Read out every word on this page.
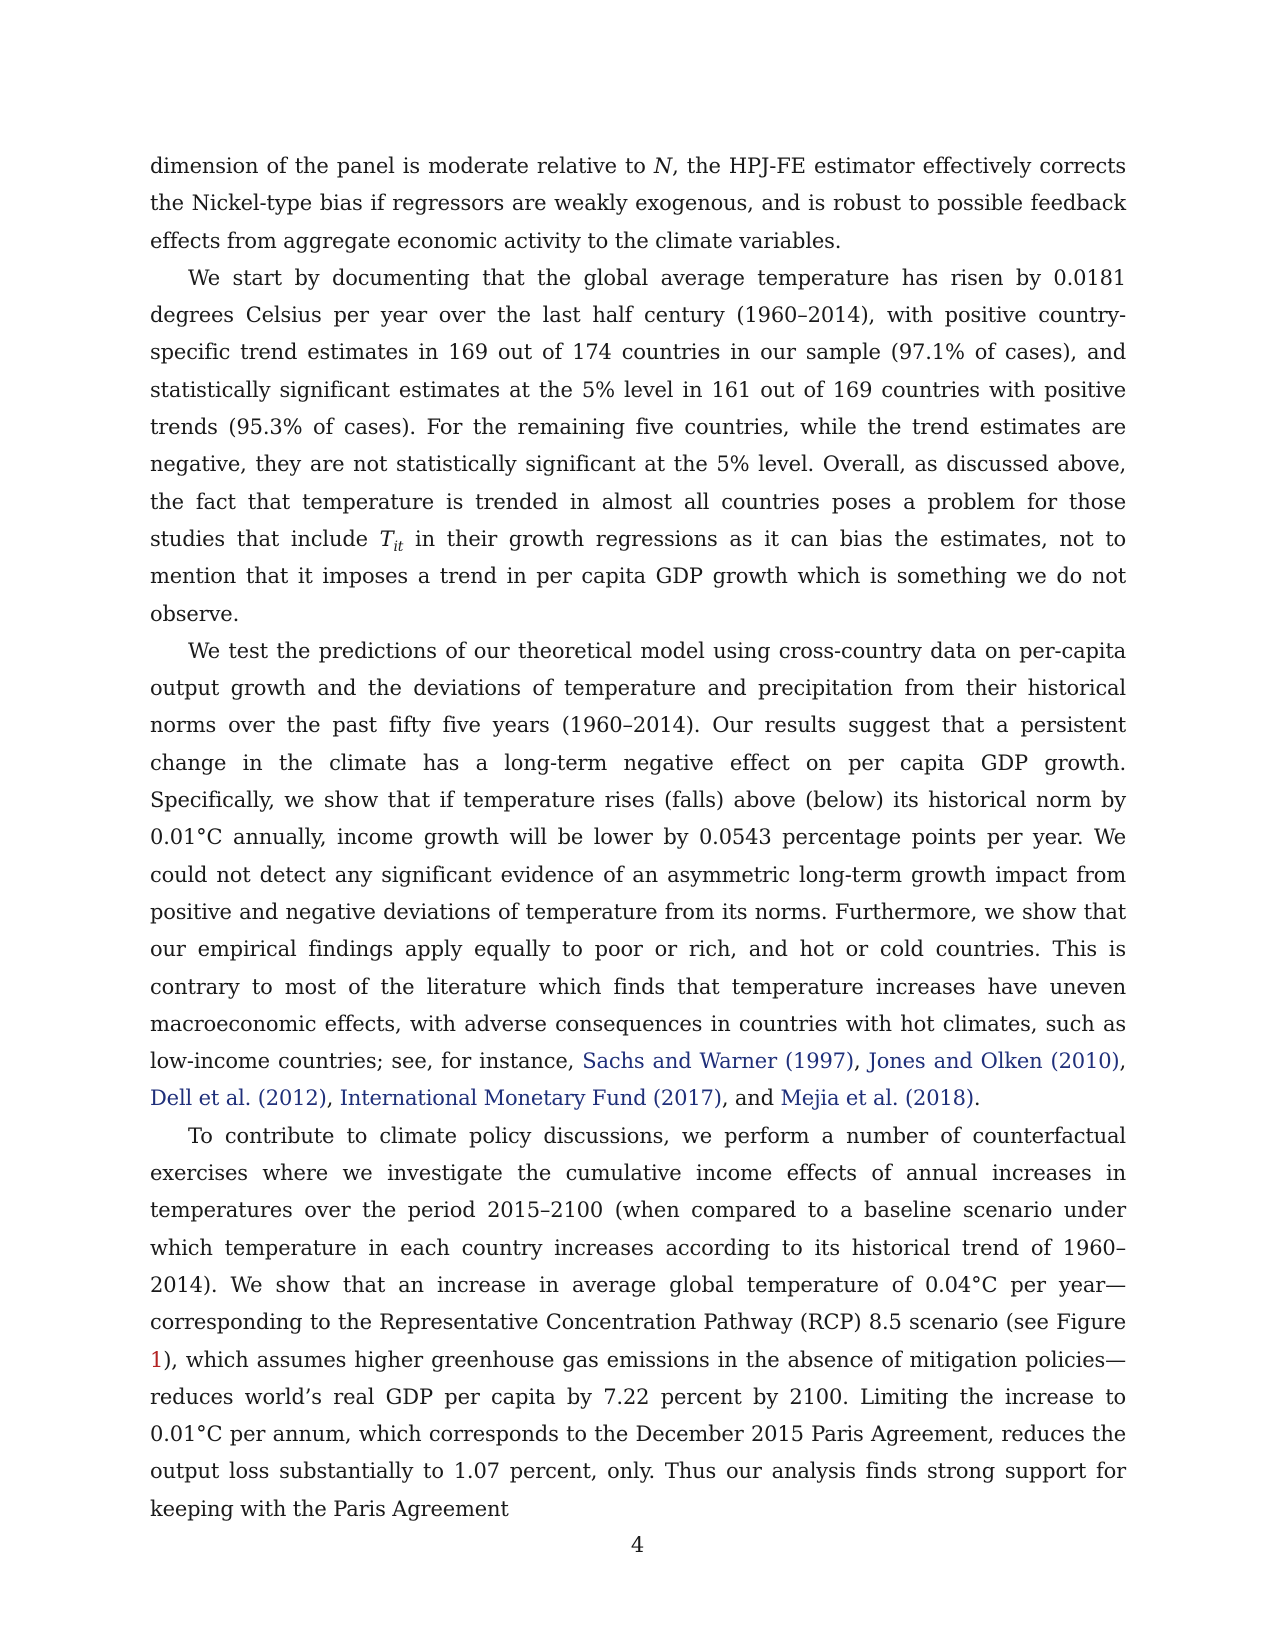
dimension of the panel is moderate relative to N, the HPJ-FE estimator effectively corrects the Nickel-type bias if regressors are weakly exogenous, and is robust to possible feedback effects from aggregate economic activity to the climate variables.

We start by documenting that the global average temperature has risen by 0.0181 degrees Celsius per year over the last half century (1960–2014), with positive country-specific trend estimates in 169 out of 174 countries in our sample (97.1% of cases), and statistically significant estimates at the 5% level in 161 out of 169 countries with positive trends (95.3% of cases). For the remaining five countries, while the trend estimates are negative, they are not statistically significant at the 5% level. Overall, as discussed above, the fact that temperature is trended in almost all countries poses a problem for those studies that include $T_{it}$ in their growth regressions as it can bias the estimates, not to mention that it imposes a trend in per capita GDP growth which is something we do not observe.

We test the predictions of our theoretical model using cross-country data on per-capita output growth and the deviations of temperature and precipitation from their historical norms over the past fifty five years (1960–2014). Our results suggest that a persistent change in the climate has a long-term negative effect on per capita GDP growth. Specifically, we show that if temperature rises (falls) above (below) its historical norm by 0.01°C annually, income growth will be lower by 0.0543 percentage points per year. We could not detect any significant evidence of an asymmetric long-term growth impact from positive and negative deviations of temperature from its norms. Furthermore, we show that our empirical findings apply equally to poor or rich, and hot or cold countries. This is contrary to most of the literature which finds that temperature increases have uneven macroeconomic effects, with adverse consequences in countries with hot climates, such as low-income countries; see, for instance, Sachs and Warner (1997), Jones and Olken (2010), Dell et al. (2012), International Monetary Fund (2017), and Mejia et al. (2018).

To contribute to climate policy discussions, we perform a number of counterfactual exercises where we investigate the cumulative income effects of annual increases in temperatures over the period 2015–2100 (when compared to a baseline scenario under which temperature in each country increases according to its historical trend of 1960–2014). We show that an increase in average global temperature of 0.04°C per year—corresponding to the Representative Concentration Pathway (RCP) 8.5 scenario (see Figure 1), which assumes higher greenhouse gas emissions in the absence of mitigation policies—reduces world’s real GDP per capita by 7.22 percent by 2100. Limiting the increase to 0.01°C per annum, which corresponds to the December 2015 Paris Agreement, reduces the output loss substantially to 1.07 percent, only. Thus our analysis finds strong support for keeping with the Paris Agreement

4
